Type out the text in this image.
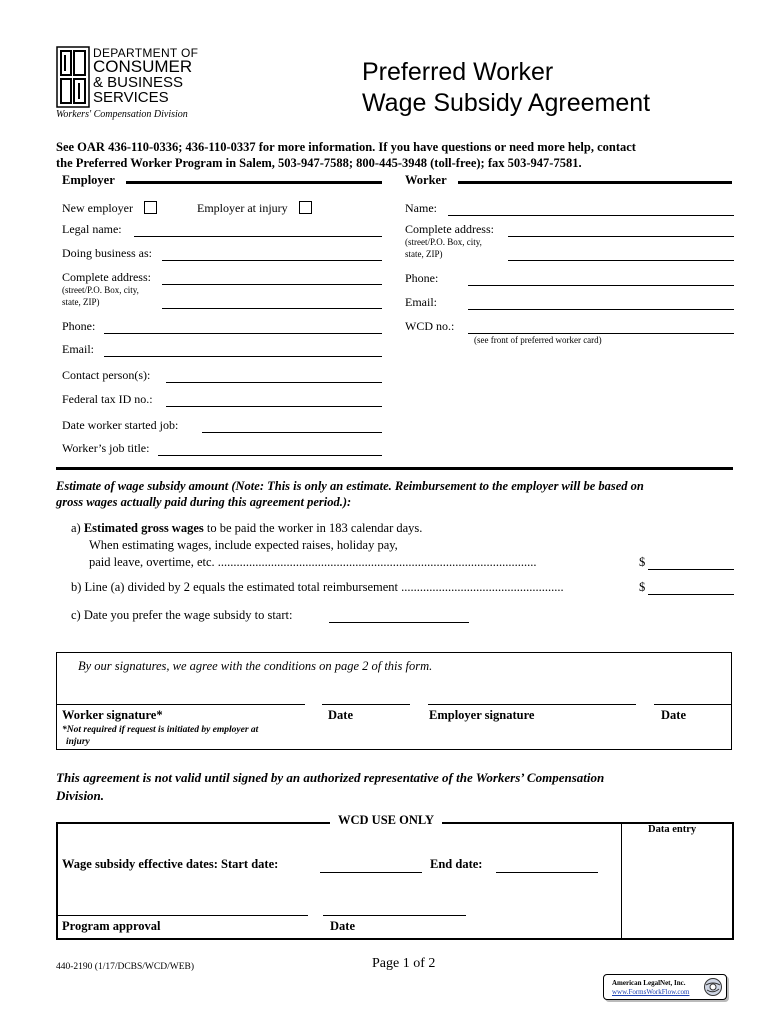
DEPARTMENT OF
CONSUMER
& BUSINESS
SERVICES
Workers' Compensation Division
Preferred Worker
Wage Subsidy Agreement
See OAR 436-110-0336; 436-110-0337 for more information. If you have questions or need more help, contact
the Preferred Worker Program in Salem, 503-947-7588; 800-445-3948 (toll-free); fax 503-947-7581.
Employer
New employer	Employer at injury
Legal name:
Doing business as:
Complete address:
(street/P.O. Box, city,
state, ZIP)
Phone:
Email:
Contact person(s):
Federal tax ID no.:
Date worker started job:
Worker’s job title:
Worker
Name:
Complete address:
(street/P.O. Box, city,
state, ZIP)
Phone:
Email:
WCD no.:
(see front of preferred worker card)
Estimate of wage subsidy amount (Note: This is only an estimate. Reimbursement to the employer will be based on
gross wages actually paid during this agreement period.):
a) Estimated gross wages to be paid the worker in 183 calendar days.
When estimating wages, include expected raises, holiday pay,
paid leave, overtime, etc. ......................................................................................................	$
b) Line (a) divided by 2 equals the estimated total reimbursement ....................................................	$
c) Date you prefer the wage subsidy to start:
By our signatures, we agree with the conditions on page 2 of this form.
Worker signature*	Date	Employer signature	Date
*Not required if request is initiated by employer at
injury
This agreement is not valid until signed by an authorized representative of the Workers’ Compensation
Division.
WCD USE ONLY
Data entry
Wage subsidy effective dates: Start date:	End date:
Program approval	Date
440-2190 (1/17/DCBS/WCD/WEB)	Page 1 of 2
American LegalNet, Inc.
www.FormsWorkFlow.com
